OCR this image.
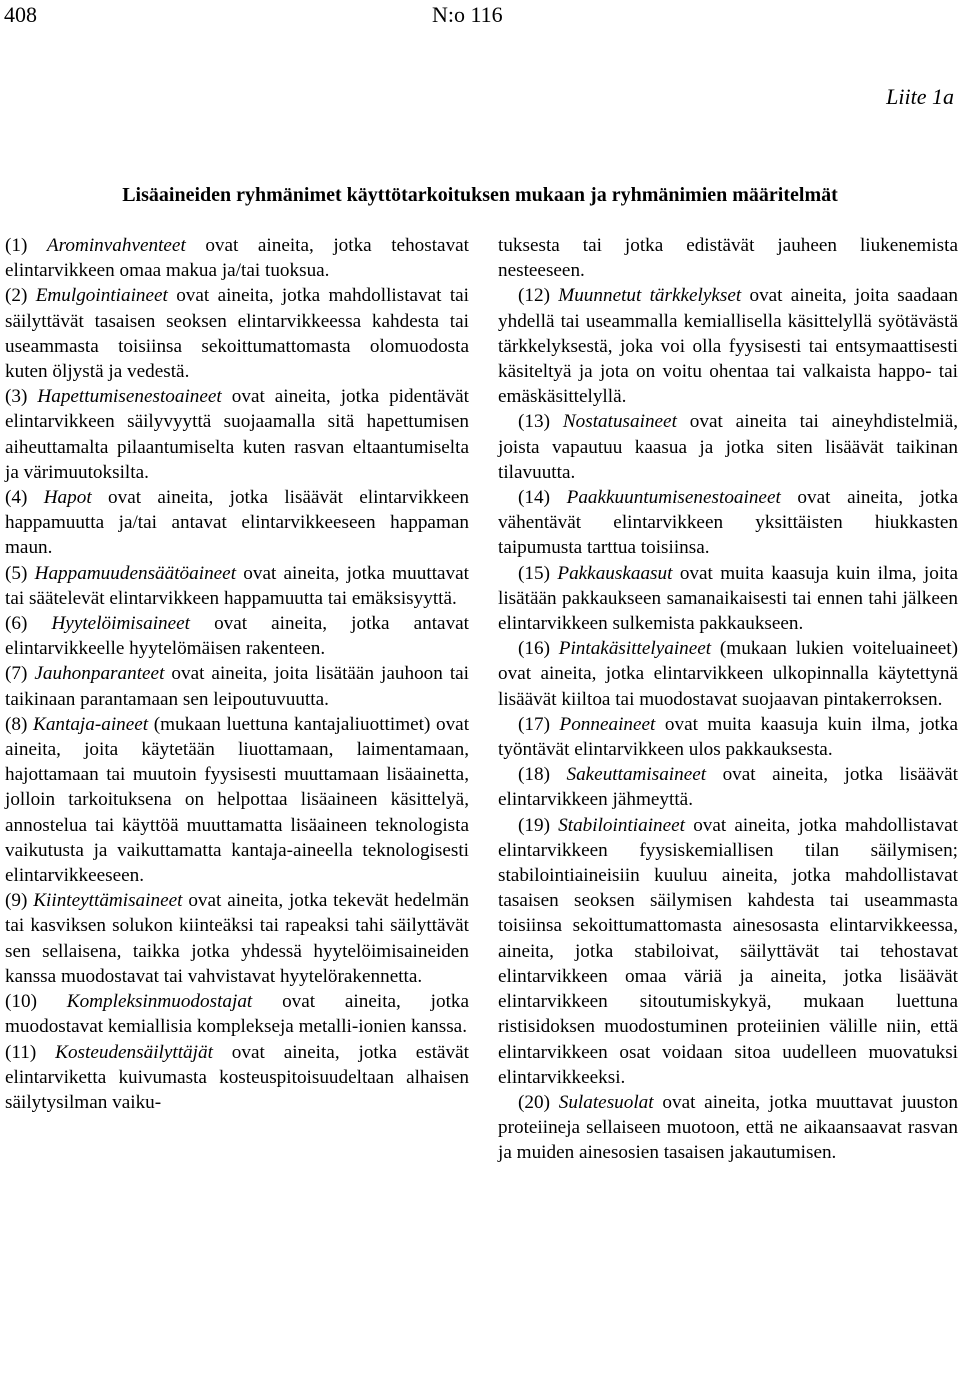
408	N:o 116
Liite 1a
Lisäaineiden ryhmänimet käyttötarkoituksen mukaan ja ryhmänimien määritelmät

(1) Arominvahventeet ovat aineita, jotka tehostavat elintarvikkeen omaa makua ja/tai tuoksua.

(2) Emulgointiaineet ovat aineita, jotka mahdollistavat tai säilyttävät tasaisen seoksen elintarvikkeessa kahdesta tai useammasta toisiinsa sekoittumattomasta olomuodosta kuten öljystä ja vedestä.

(3) Hapettumisenestoaineet ovat aineita, jotka pidentävät elintarvikkeen säilyvyyttä suojaamalla sitä hapettumisen aiheuttamalta pilaantumiselta kuten rasvan eltaantumiselta ja värimuutoksilta.

(4) Hapot ovat aineita, jotka lisäävät elintarvikkeen happamuutta ja/tai antavat elintarvikkeeseen happaman maun.

(5) Happamuudensäätöaineet ovat aineita, jotka muuttavat tai säätelevät elintarvikkeen happamuutta tai emäksisyyttä.

(6) Hyytelöimisaineet ovat aineita, jotka antavat elintarvikkeelle hyytelömäisen rakenteen.

(7) Jauhonparanteet ovat aineita, joita lisätään jauhoon tai taikinaan parantamaan sen leipoutuvuutta.

(8) Kantaja-aineet (mukaan luettuna kantajaliuottimet) ovat aineita, joita käytetään liuottamaan, laimentamaan, hajottamaan tai muutoin fyysisesti muuttamaan lisäainetta, jolloin tarkoituksena on helpottaa lisäaineen käsittelyä, annostelua tai käyttöä muuttamatta lisäaineen teknologista vaikutusta ja vaikuttamatta kantaja-aineella teknologisesti elintarvikkeeseen.

(9) Kiinteyttämisaineet ovat aineita, jotka tekevät hedelmän tai kasviksen solukon kiinteäksi tai rapeaksi tahi säilyttävät sen sellaisena, taikka jotka yhdessä hyytelöimisaineiden kanssa muodostavat tai vahvistavat hyytelörakennetta.

(10) Kompleksinmuodostajat ovat aineita, jotka muodostavat kemiallisia komplekseja metalli-ionien kanssa.

(11) Kosteudensäilyttäjät ovat aineita, jotka estävät elintarviketta kuivumasta kosteuspitoisuudeltaan alhaisen säilytysilman vaiku-

tuksesta tai jotka edistävät jauheen liukenemista nesteeseen.

(12) Muunnetut tärkkelykset ovat aineita, joita saadaan yhdellä tai useammalla kemiallisella käsittelyllä syötävästä tärkkelyksestä, joka voi olla fyysisesti tai entsymaattisesti käsiteltyä ja jota on voitu ohentaa tai valkaista happo- tai emäskäsittelyllä.

(13) Nostatusaineet ovat aineita tai aineyhdistelmiä, joista vapautuu kaasua ja jotka siten lisäävät taikinan tilavuutta.

(14) Paakkuuntumisenestoaineet ovat aineita, jotka vähentävät elintarvikkeen yksittäisten hiukkasten taipumusta tarttua toisiinsa.

(15) Pakkauskaasut ovat muita kaasuja kuin ilma, joita lisätään pakkaukseen samanaikaisesti tai ennen tahi jälkeen elintarvikkeen sulkemista pakkaukseen.

(16) Pintakäsittelyaineet (mukaan lukien voiteluaineet) ovat aineita, jotka elintarvikkeen ulkopinnalla käytettynä lisäävät kiiltoa tai muodostavat suojaavan pintakerroksen.

(17) Ponneaineet ovat muita kaasuja kuin ilma, jotka työntävät elintarvikkeen ulos pakkauksesta.

(18) Sakeuttamisaineet ovat aineita, jotka lisäävät elintarvikkeen jähmeyttä.

(19) Stabilointiaineet ovat aineita, jotka mahdollistavat elintarvikkeen fyysiskemiallisen tilan säilymisen; stabilointiaineisiin kuuluu aineita, jotka mahdollistavat tasaisen seoksen säilymisen kahdesta tai useammasta toisiinsa sekoittumattomasta ainesosasta elintarvikkeessa, aineita, jotka stabiloivat, säilyttävät tai tehostavat elintarvikkeen omaa väriä ja aineita, jotka lisäävät elintarvikkeen sitoutumiskykyä, mukaan luettuna ristisidoksen muodostuminen proteiinien välille niin, että elintarvikkeen osat voidaan sitoa uudelleen muovatuksi elintarvikkeeksi.

(20) Sulatesuolat ovat aineita, jotka muuttavat juuston proteiineja sellaiseen muotoon, että ne aikaansaavat rasvan ja muiden ainesosien tasaisen jakautumisen.
